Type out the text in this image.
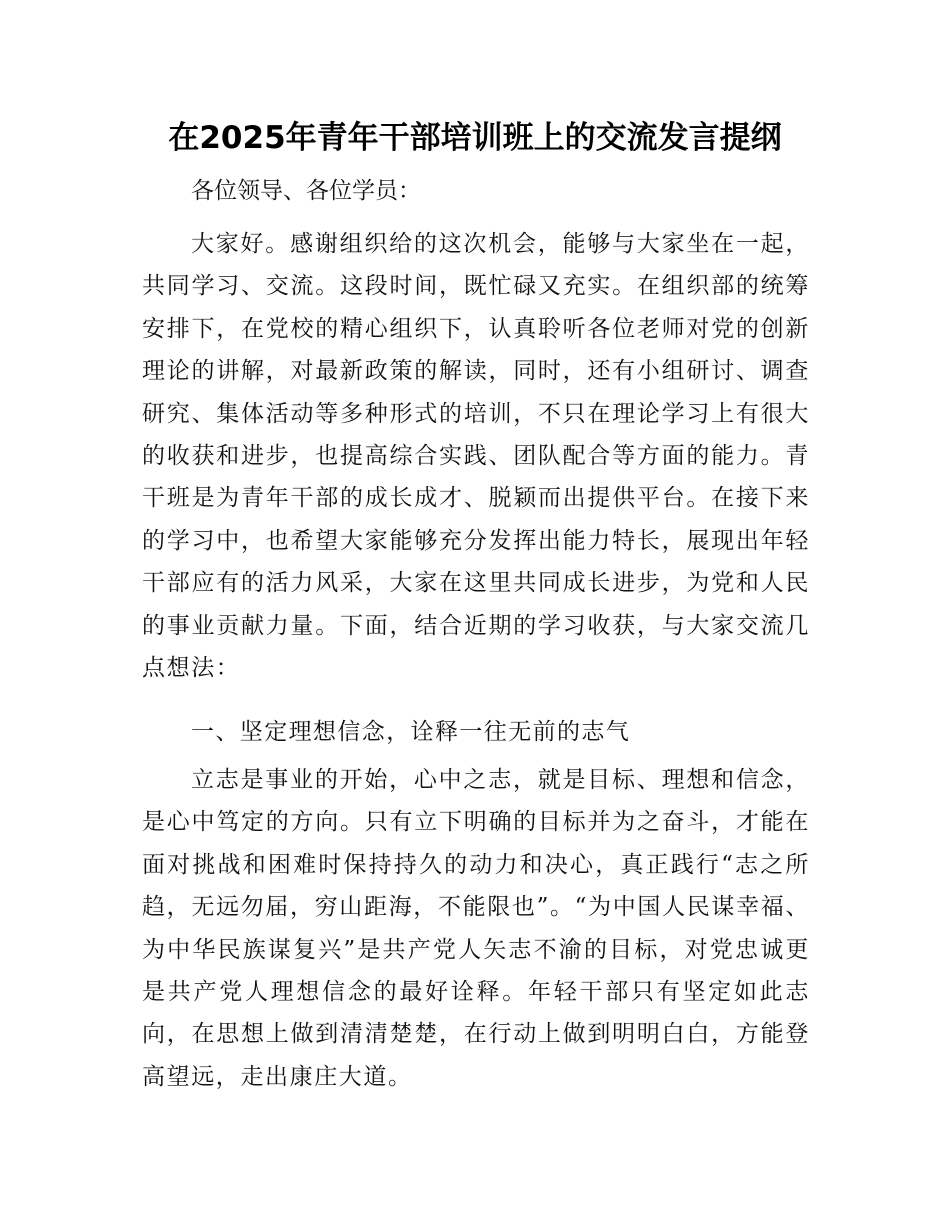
在2025年青年干部培训班上的交流发言提纲
各位领导、各位学员：

大家好。感谢组织给的这次机会，能够与大家坐在一起，共同学习、交流。这段时间，既忙碌又充实。在组织部的统筹安排下，在党校的精心组织下，认真聆听各位老师对党的创新理论的讲解，对最新政策的解读，同时，还有小组研讨、调查研究、集体活动等多种形式的培训，不只在理论学习上有很大的收获和进步，也提高综合实践、团队配合等方面的能力。青干班是为青年干部的成长成才、脱颖而出提供平台。在接下来的学习中，也希望大家能够充分发挥出能力特长，展现出年轻干部应有的活力风采，大家在这里共同成长进步，为党和人民的事业贡献力量。下面，结合近期的学习收获，与大家交流几点想法：

一、坚定理想信念，诠释一往无前的志气

立志是事业的开始，心中之志，就是目标、理想和信念，是心中笃定的方向。只有立下明确的目标并为之奋斗，才能在面对挑战和困难时保持持久的动力和决心，真正践行“志之所趋，无远勿届，穷山距海，不能限也”。“为中国人民谋幸福、为中华民族谋复兴”是共产党人矢志不渝的目标，对党忠诚更是共产党人理想信念的最好诠释。年轻干部只有坚定如此志向，在思想上做到清清楚楚，在行动上做到明明白白，方能登高望远，走出康庄大道。
